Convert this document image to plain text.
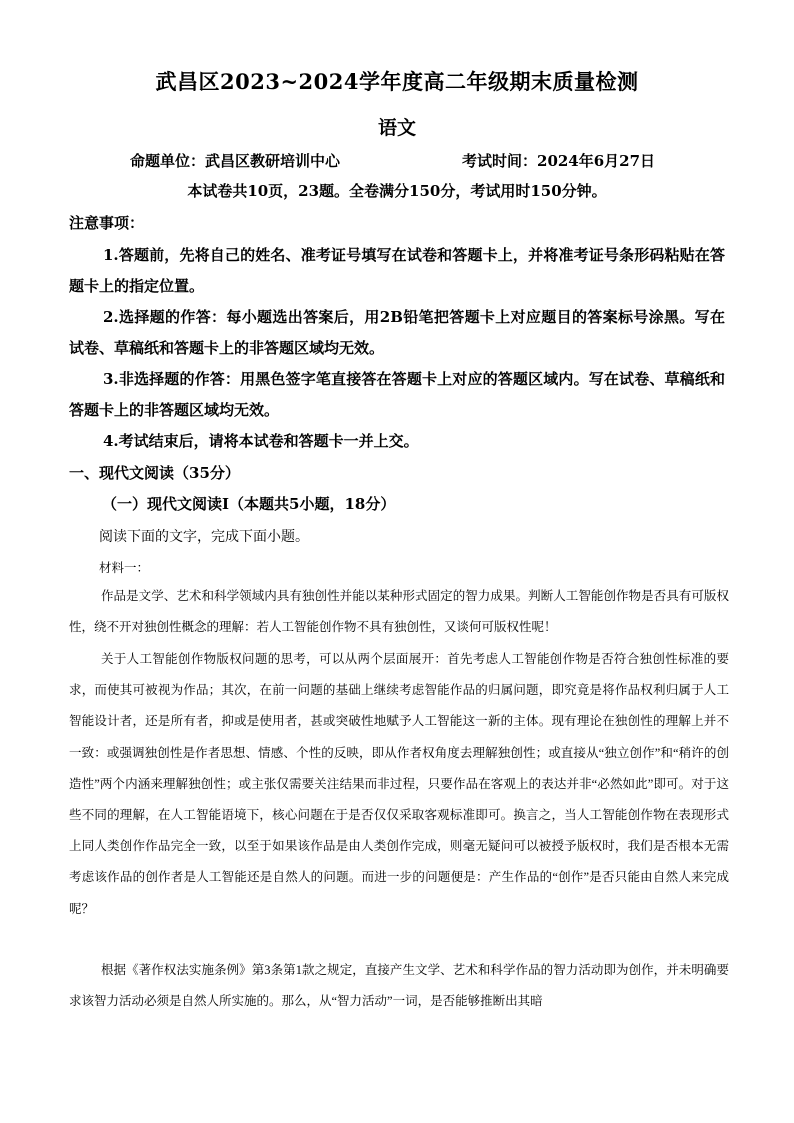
武昌区2023~2024学年度高二年级期末质量检测
语文
命题单位：武昌区教研培训中心	考试时间：2024年6月27日
本试卷共10页，23题。全卷满分150分，考试用时150分钟。
注意事项：

1.答题前，先将自己的姓名、准考证号填写在试卷和答题卡上，并将准考证号条形码粘贴在答题卡上的指定位置。

2.选择题的作答：每小题选出答案后，用2B铅笔把答题卡上对应题目的答案标号涂黑。写在试卷、草稿纸和答题卡上的非答题区域均无效。

3.非选择题的作答：用黑色签字笔直接答在答题卡上对应的答题区域内。写在试卷、草稿纸和答题卡上的非答题区域均无效。

4.考试结束后，请将本试卷和答题卡一并上交。

一、现代文阅读（35分）
（一）现代文阅读Ⅰ（本题共5小题，18分）
阅读下面的文字，完成下面小题。
材料一：

作品是文学、艺术和科学领域内具有独创性并能以某种形式固定的智力成果。判断人工智能创作物是否具有可版权性，绕不开对独创性概念的理解：若人工智能创作物不具有独创性，又谈何可版权性呢！

关于人工智能创作物版权问题的思考，可以从两个层面展开：首先考虑人工智能创作物是否符合独创性标准的要求，而使其可被视为作品；其次，在前一问题的基础上继续考虑智能作品的归属问题，即究竟是将作品权利归属于人工智能设计者，还是所有者，抑或是使用者，甚或突破性地赋予人工智能这一新的主体。现有理论在独创性的理解上并不一致：或强调独创性是作者思想、情感、个性的反映，即从作者权角度去理解独创性；或直接从“独立创作”和“稍许的创造性”两个内涵来理解独创性；或主张仅需要关注结果而非过程，只要作品在客观上的表达并非“必然如此”即可。对于这些不同的理解，在人工智能语境下，核心问题在于是否仅仅采取客观标准即可。换言之，当人工智能创作物在表现形式上同人类创作作品完全一致，以至于如果该作品是由人类创作完成，则毫无疑问可以被授予版权时，我们是否根本无需考虑该作品的创作者是人工智能还是自然人的问题。而进一步的问题便是：产生作品的“创作”是否只能由自然人来完成呢？

根据《著作权法实施条例》第3条第1款之规定，直接产生文学、艺术和科学作品的智力活动即为创作，并未明确要求该智力活动必须是自然人所实施的。那么，从“智力活动”一词，是否能够推断出其暗
